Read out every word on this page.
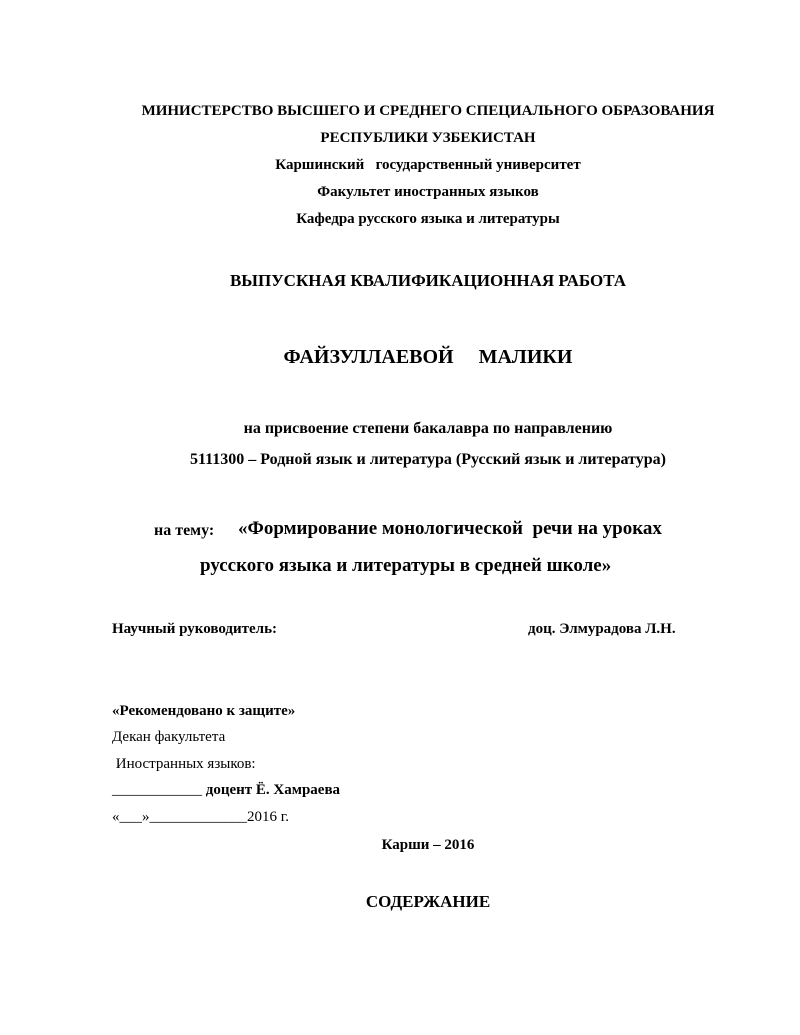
МИНИСТЕРСТВО ВЫСШЕГО И СРЕДНЕГО СПЕЦИАЛЬНОГО ОБРАЗОВАНИЯ
РЕСПУБЛИКИ УЗБЕКИСТАН
Каршинский   государственный университет
Факультет иностранных языков
Кафедра русского языка и литературы
ВЫПУСКНАЯ КВАЛИФИКАЦИОННАЯ РАБОТА
ФАЙЗУЛЛАЕВОЙ     МАЛИКИ
на присвоение степени бакалавра по направлению
5111300 – Родной язык и литература (Русский язык и литература)
на тему: «Формирование монологической  речи на уроках
русского языка и литературы в средней школе»
Научный руководитель:	доц. Элмурадова Л.Н.
«Рекомендовано к защите»
Декан факультета
Иностранных языков:
____________ доцент Ё. Хамраева
«___»_____________2016 г.
Карши – 2016
СОДЕРЖАНИЕ
